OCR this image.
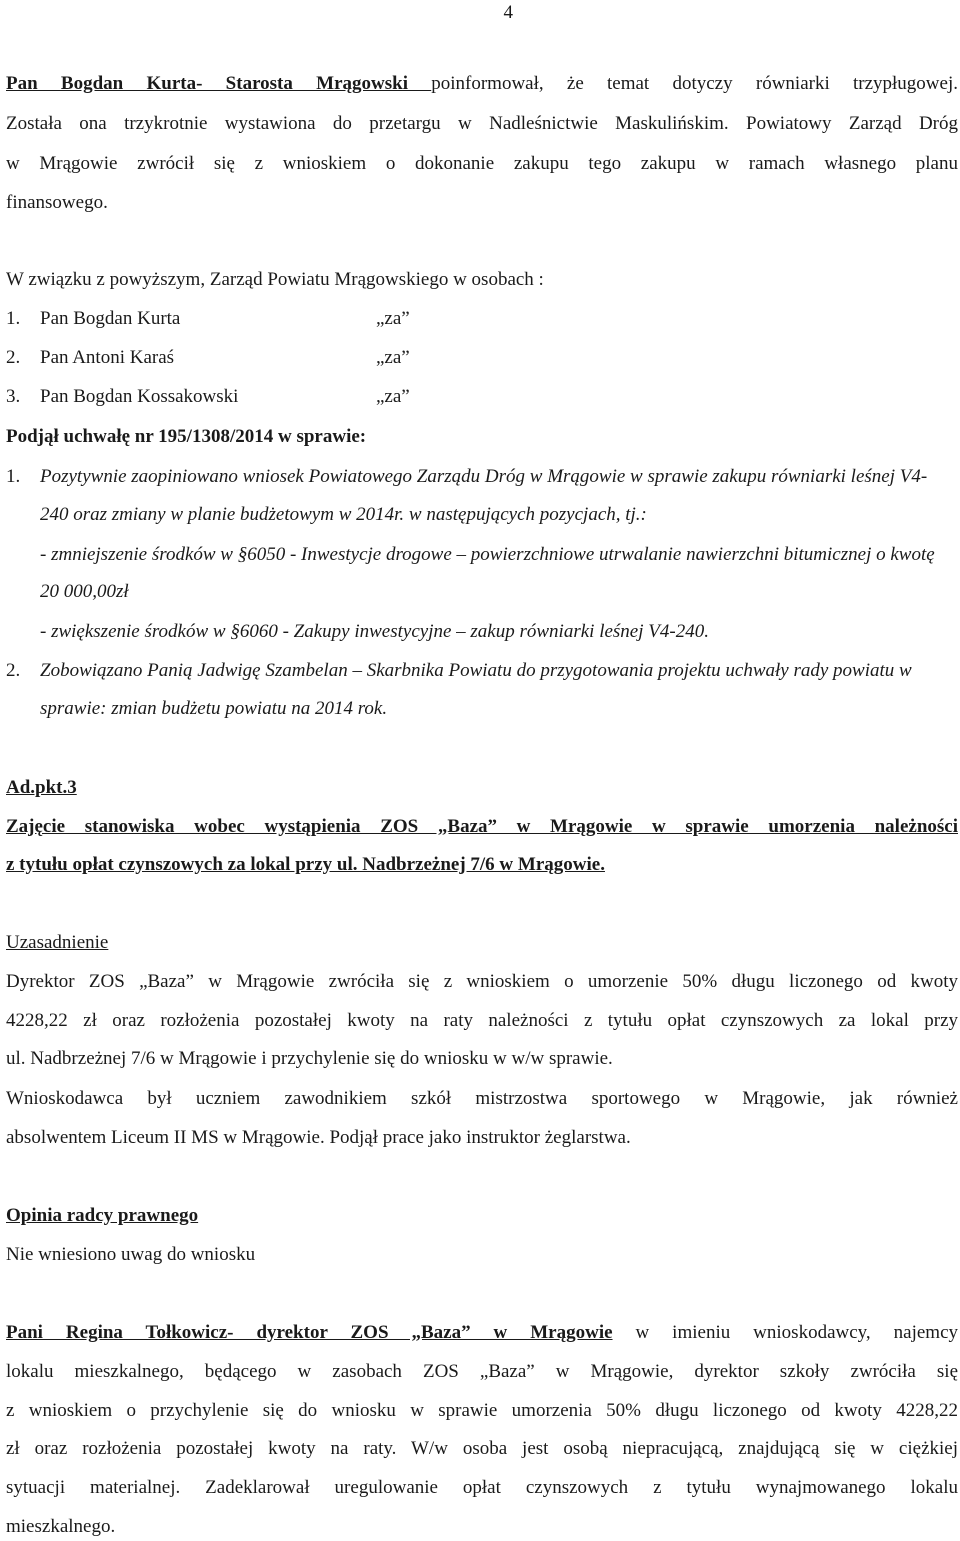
4
Pan Bogdan Kurta- Starosta Mrągowski poinformował, że temat dotyczy równiarki trzypługowej.
Została ona trzykrotnie wystawiona do przetargu w Nadleśnictwie Maskulińskim. Powiatowy Zarząd Dróg
w Mrągowie zwrócił się z wnioskiem o dokonanie zakupu tego zakupu w ramach własnego planu
finansowego.
W związku z powyższym, Zarząd Powiatu Mrągowskiego w osobach :
1. Pan Bogdan Kurta	„za”
2. Pan Antoni Karaś	„za”
3. Pan Bogdan Kossakowski	„za”
Podjął uchwałę nr 195/1308/2014 w sprawie:
1. Pozytywnie zaopiniowano wniosek Powiatowego Zarządu Dróg w Mrągowie w sprawie zakupu równiarki leśnej V4-
240 oraz zmiany w planie budżetowym w 2014r. w następujących pozycjach, tj.:
- zmniejszenie środków w §6050 - Inwestycje drogowe – powierzchniowe utrwalanie nawierzchni bitumicznej o kwotę
20 000,00zł
- zwiększenie środków w §6060 - Zakupy inwestycyjne – zakup równiarki leśnej V4-240.
2. Zobowiązano Panią Jadwigę Szambelan – Skarbnika Powiatu do przygotowania projektu uchwały rady powiatu w
sprawie: zmian budżetu powiatu na 2014 rok.
Ad.pkt.3
Zajęcie stanowiska wobec wystąpienia ZOS „Baza” w Mrągowie w sprawie umorzenia należności
z tytułu opłat czynszowych za lokal przy ul. Nadbrzeżnej 7/6 w Mrągowie.
Uzasadnienie
Dyrektor ZOS „Baza” w Mrągowie zwróciła się z wnioskiem o umorzenie 50% długu liczonego od kwoty
4228,22 zł oraz rozłożenia pozostałej kwoty na raty należności z tytułu opłat czynszowych za lokal przy
ul. Nadbrzeżnej 7/6 w Mrągowie i przychylenie się do wniosku w w/w sprawie.
Wnioskodawca był uczniem zawodnikiem szkół mistrzostwa sportowego w Mrągowie, jak również
absolwentem Liceum II MS w Mrągowie. Podjął prace jako instruktor żeglarstwa.
Opinia radcy prawnego
Nie wniesiono uwag do wniosku
Pani Regina Tołkowicz- dyrektor ZOS „Baza” w Mrągowie w imieniu wnioskodawcy, najemcy
lokalu mieszkalnego, będącego w zasobach ZOS „Baza” w Mrągowie, dyrektor szkoły zwróciła się
z wnioskiem o przychylenie się do wniosku w sprawie umorzenia 50% długu liczonego od kwoty 4228,22
zł oraz rozłożenia pozostałej kwoty na raty. W/w osoba jest osobą niepracującą, znajdującą się w ciężkiej
sytuacji materialnej. Zadeklarował uregulowanie opłat czynszowych z tytułu wynajmowanego lokalu
mieszkalnego.
